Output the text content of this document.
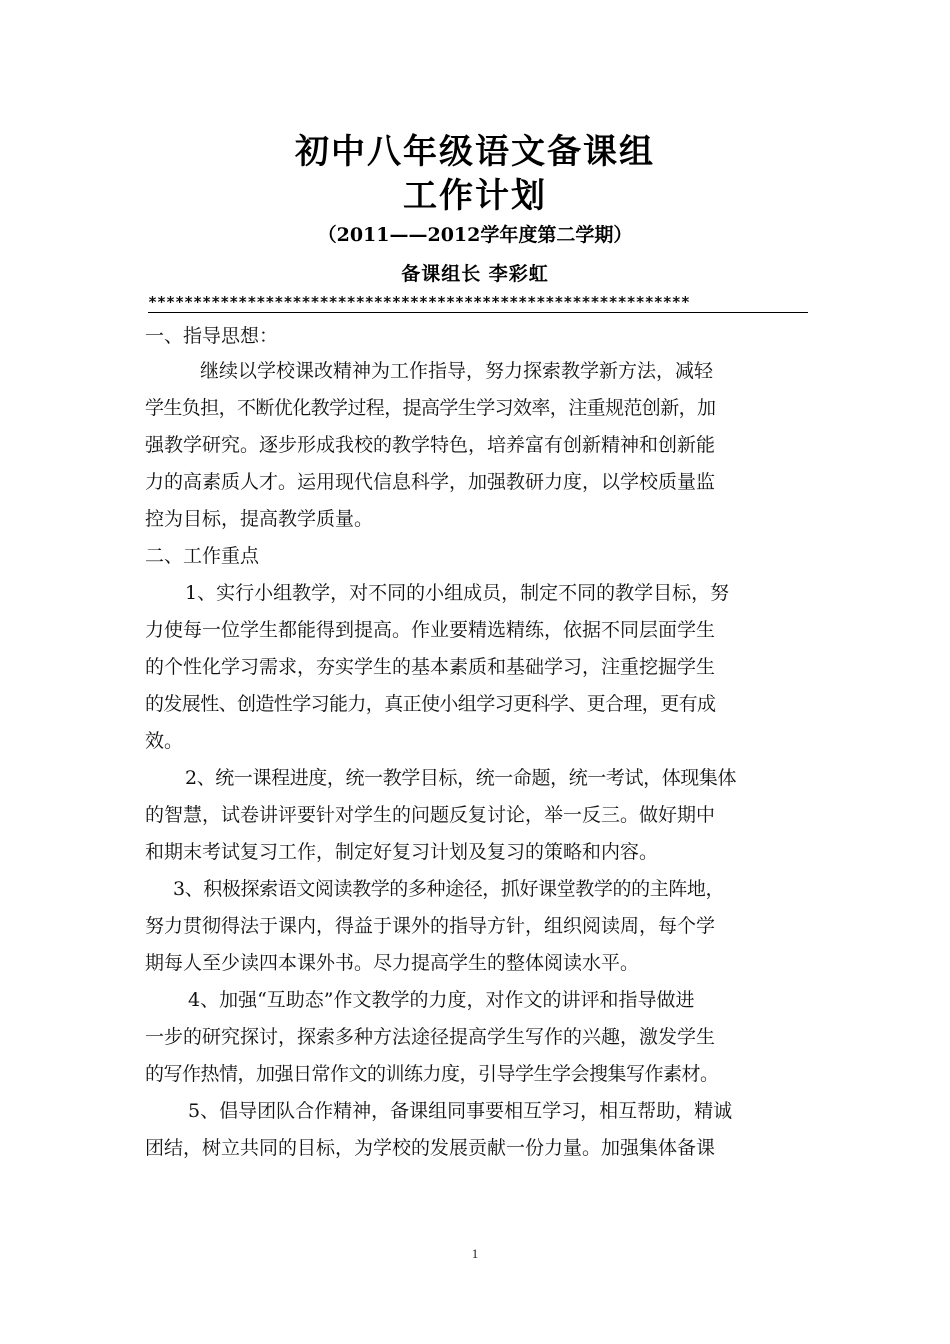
初中八年级语文备课组
工作计划
（2011——2012学年度第二学期）
备课组长 李彩虹
************************************************************
一、指导思想：
继续以学校课改精神为工作指导，努力探索教学新方法，减轻
学生负担，不断优化教学过程，提高学生学习效率，注重规范创新，加
强教学研究。逐步形成我校的教学特色，培养富有创新精神和创新能
力的高素质人才。运用现代信息科学，加强教研力度，以学校质量监
控为目标，提高教学质量。
二、工作重点
1、实行小组教学，对不同的小组成员，制定不同的教学目标，努
力使每一位学生都能得到提高。作业要精选精练，依据不同层面学生
的个性化学习需求，夯实学生的基本素质和基础学习，注重挖掘学生
的发展性、创造性学习能力，真正使小组学习更科学、更合理，更有成
效。
2、统一课程进度，统一教学目标，统一命题，统一考试，体现集体
的智慧，试卷讲评要针对学生的问题反复讨论，举一反三。做好期中
和期末考试复习工作，制定好复习计划及复习的策略和内容。
3、积极探索语文阅读教学的多种途径，抓好课堂教学的的主阵地，
努力贯彻得法于课内，得益于课外的指导方针，组织阅读周，每个学
期每人至少读四本课外书。尽力提高学生的整体阅读水平。
4、加强“互助态”作文教学的力度，对作文的讲评和指导做进
一步的研究探讨，探索多种方法途径提高学生写作的兴趣，激发学生
的写作热情，加强日常作文的训练力度，引导学生学会搜集写作素材。
5、倡导团队合作精神，备课组同事要相互学习，相互帮助，精诚
团结，树立共同的目标，为学校的发展贡献一份力量。加强集体备课
1
